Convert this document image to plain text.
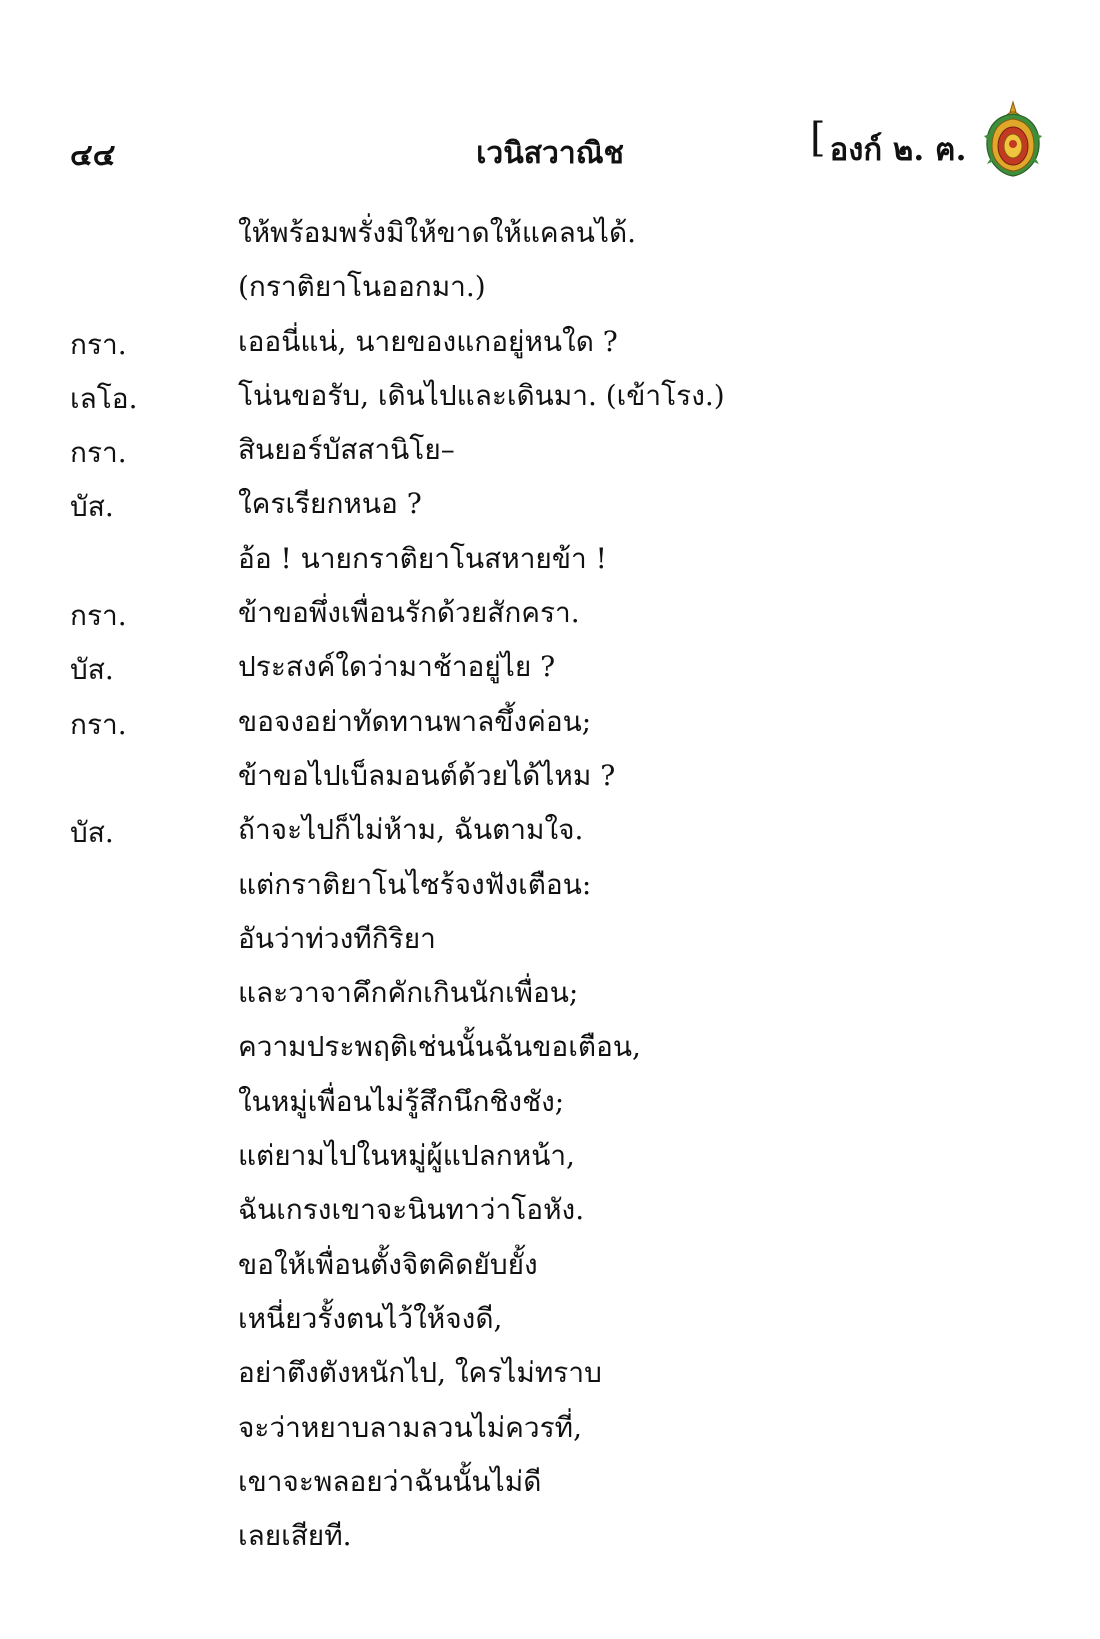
๔๔	เวนิสวาณิช	[ องก์ ๒. ฅ.
ให้พร้อมพรั่งมิให้ขาดให้แคลนได้.
(กราติยาโนออกมา.)
กรา.	เออนี่แน่, นายของแกอยู่หนใด ?
เลโอ.	โน่นขอรับ, เดินไปและเดินมา. (เข้าโรง.)
กรา.	สินยอร์บัสสานิโย–
บัส.	ใครเรียกหนอ ?
อ้อ ! นายกราติยาโนสหายข้า !
กรา.	ข้าขอพึ่งเพื่อนรักด้วยสักครา.
บัส.	ประสงค์ใดว่ามาช้าอยู่ไย ?
กรา.	ขอจงอย่าทัดทานพาลขึ้งค่อน;
ข้าขอไปเบ็ลมอนต์ด้วยได้ไหม ?
บัส.	ถ้าจะไปก็ไม่ห้าม, ฉันตามใจ.
แต่กราติยาโนไซร้จงฟังเตือน:
อันว่าท่วงทีกิริยา
และวาจาคึกคักเกินนักเพื่อน;
ความประพฤติเช่นนั้นฉันขอเตือน,
ในหมู่เพื่อนไม่รู้สึกนึกชิงชัง;
แต่ยามไปในหมู่ผู้แปลกหน้า,
ฉันเกรงเขาจะนินทาว่าโอหัง.
ขอให้เพื่อนตั้งจิตคิดยับยั้ง
เหนี่ยวรั้งตนไว้ให้จงดี,
อย่าตึงตังหนักไป, ใครไม่ทราบ
จะว่าหยาบลามลวนไม่ควรที่,
เขาจะพลอยว่าฉันนั้นไม่ดี
เลยเสียที.
